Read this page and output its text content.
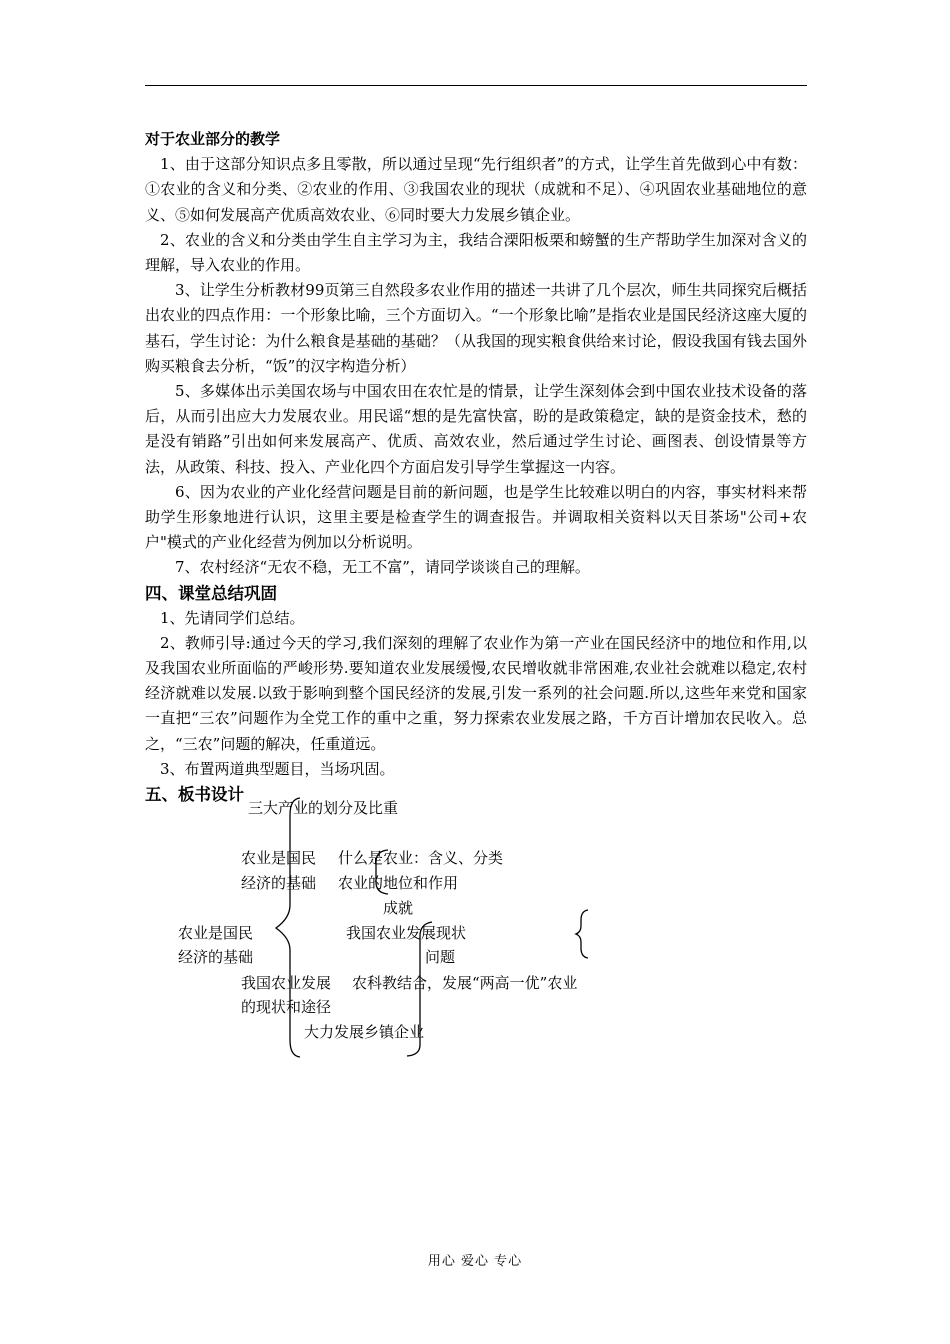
对于农业部分的教学

1、由于这部分知识点多且零散，所以通过呈现“先行组织者”的方式，让学生首先做到心中有数：①农业的含义和分类、②农业的作用、③我国农业的现状（成就和不足）、④巩固农业基础地位的意义、⑤如何发展高产优质高效农业、⑥同时要大力发展乡镇企业。

2、农业的含义和分类由学生自主学习为主，我结合溧阳板栗和螃蟹的生产帮助学生加深对含义的理解，导入农业的作用。

3、让学生分析教材99页第三自然段多农业作用的描述一共讲了几个层次，师生共同探究后概括出农业的四点作用：一个形象比喻，三个方面切入。“一个形象比喻”是指农业是国民经济这座大厦的基石，学生讨论：为什么粮食是基础的基础？（从我国的现实粮食供给来讨论，假设我国有钱去国外购买粮食去分析，“饭”的汉字构造分析）

5、多媒体出示美国农场与中国农田在农忙是的情景，让学生深刻体会到中国农业技术设备的落后，从而引出应大力发展农业。用民谣“想的是先富快富，盼的是政策稳定，缺的是资金技术，愁的是没有销路”引出如何来发展高产、优质、高效农业，然后通过学生讨论、画图表、创设情景等方法，从政策、科技、投入、产业化四个方面启发引导学生掌握这一内容。

6、因为农业的产业化经营问题是目前的新问题，也是学生比较难以明白的内容，事实材料来帮助学生形象地进行认识，这里主要是检查学生的调查报告。并调取相关资料以天目茶场"公司+农户"模式的产业化经营为例加以分析说明。

7、农村经济“无农不稳，无工不富”，请同学谈谈自己的理解。

四、课堂总结巩固

1、先请同学们总结。

2、教师引导:通过今天的学习,我们深刻的理解了农业作为第一产业在国民经济中的地位和作用,以及我国农业所面临的严峻形势.要知道农业发展缓慢,农民增收就非常困难,农业社会就难以稳定,农村经济就难以发展.以致于影响到整个国民经济的发展,引发一系列的社会问题.所以,这些年来党和国家一直把“三农”问题作为全党工作的重中之重，努力探索农业发展之路，千方百计增加农民收入。总之，“三农”问题的解决，任重道远。

3、布置两道典型题目，当场巩固。

五、板书设计

三大产业的划分及比重
农业是国民 什么是农业：含义、分类
经济的基础 农业的地位和作用
成就
农业是国民	我国农业发展现状
经济的基础	问题
我国农业发展 农科教结合，发展“两高一优”农业
的现状和途径
大力发展乡镇企业
用心 爱心 专心
